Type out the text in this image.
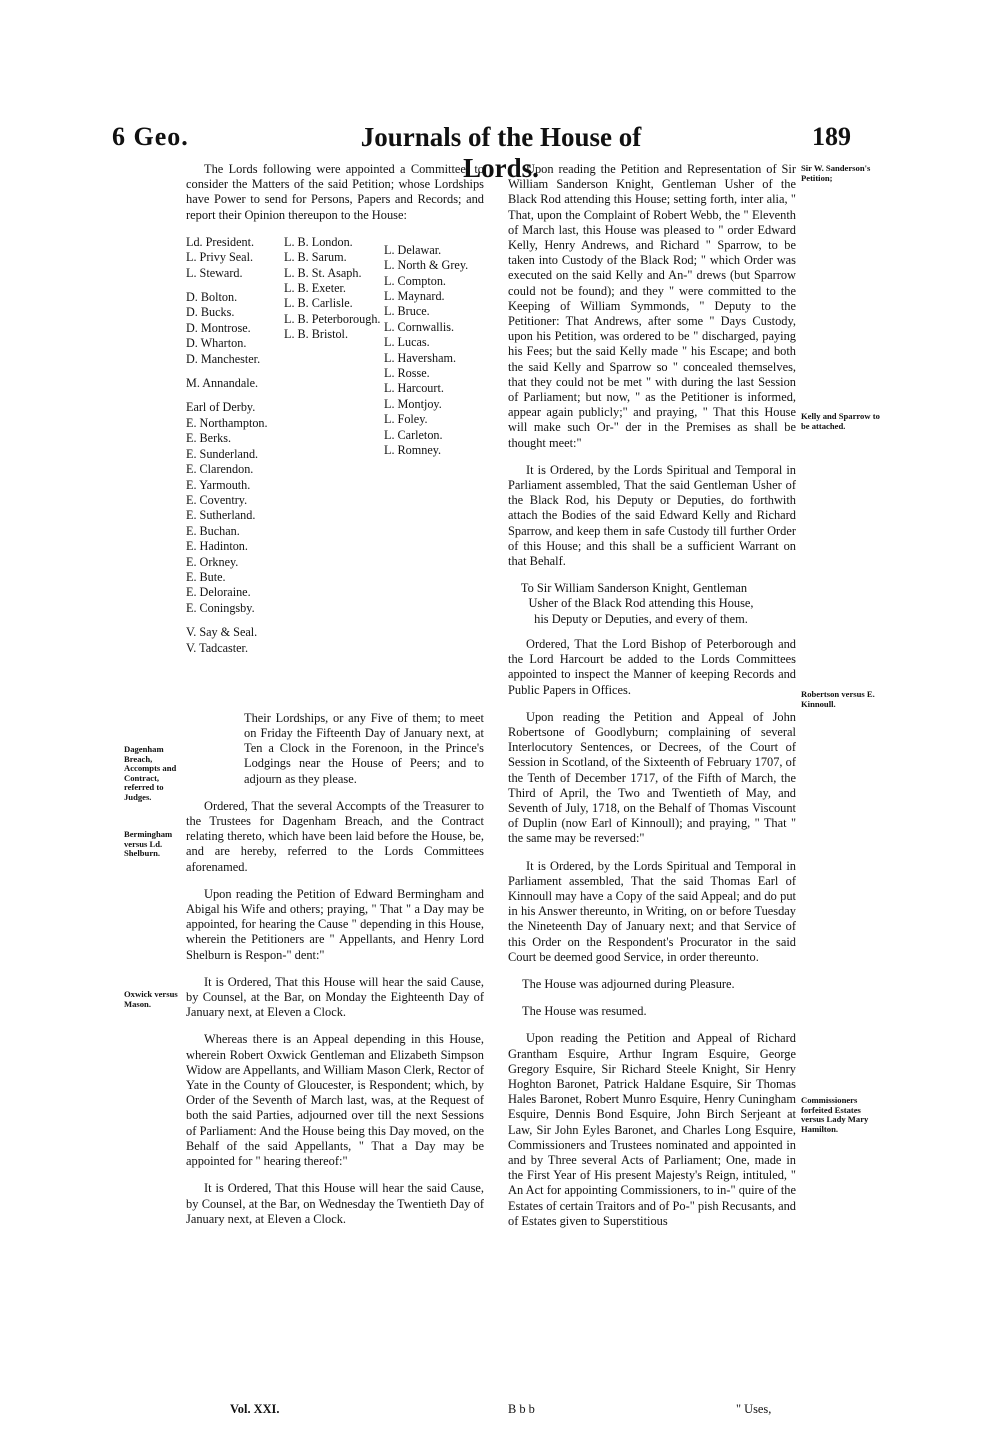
6 Geo.	Journals of the House of Lords.
189

The Lords following were appointed a Committee, to consider the Matters of the said Petition; whose Lordships have Power to send for Persons, Papers and Records; and report their Opinion thereupon to the House:

Ld. President.
L. Privy Seal.
L. Steward.
D. Bolton.
D. Bucks.
D. Montrose.
D. Wharton.
D. Manchester.
M. Annandale.
Earl of Derby.
E. Northampton.
E. Berks.
E. Sunderland.
E. Clarendon.
E. Yarmouth.
E. Coventry.
E. Sutherland.
E. Buchan.
E. Hadinton.
E. Orkney.
E. Bute.
E. Deloraine.
E. Coningsby.
V. Say & Seal.
V. Tadcaster.
L. B. London.
L. B. Sarum.
L. B. St. Asaph.
L. B. Exeter.
L. B. Carlisle.
L. B. Peterborough.
L. B. Bristol.
L. Delawar.
L. North & Grey.
L. Compton.
L. Maynard.
L. Bruce.
L. Cornwallis.
L. Lucas.
L. Haversham.
L. Rosse.
L. Harcourt.
L. Montjoy.
L. Foley.
L. Carleton.
L. Romney.

Their Lordships, or any Five of them; to meet on Friday the Fifteenth Day of January next, at Ten a Clock in the Forenoon, in the Prince's Lodgings near the House of Peers; and to adjourn as they please.

Ordered, That the several Accompts of the Treasurer to the Trustees for Dagenham Breach, and the Contract relating thereto, which have been laid before the House, be, and are hereby, referred to the Lords Committees aforenamed.

Upon reading the Petition of Edward Bermingham and Abigal his Wife and others; praying, " That " a Day may be appointed, for hearing the Cause " depending in this House, wherein the Petitioners are " Appellants, and Henry Lord Shelburn is Respon-" dent:"

It is Ordered, That this House will hear the said Cause, by Counsel, at the Bar, on Monday the Eighteenth Day of January next, at Eleven a Clock.

Whereas there is an Appeal depending in this House, wherein Robert Oxwick Gentleman and Elizabeth Simpson Widow are Appellants, and William Mason Clerk, Rector of Yate in the County of Gloucester, is Respondent; which, by Order of the Seventh of March last, was, at the Request of both the said Parties, adjourned over till the next Sessions of Parliament: And the House being this Day moved, on the Behalf of the said Appellants, " That a Day may be appointed for " hearing thereof:"

It is Ordered, That this House will hear the said Cause, by Counsel, at the Bar, on Wednesday the Twentieth Day of January next, at Eleven a Clock.

Upon reading the Petition and Representation of Sir William Sanderson Knight, Gentleman Usher of the Black Rod attending this House; setting forth, inter alia, " That, upon the Complaint of Robert Webb, the " Eleventh of March last, this House was pleased to " order Edward Kelly, Henry Andrews, and Richard " Sparrow, to be taken into Custody of the Black Rod; " which Order was executed on the said Kelly and An-" drews (but Sparrow could not be found); and they " were committed to the Keeping of William Symmonds, " Deputy to the Petitioner: That Andrews, after some " Days Custody, upon his Petition, was ordered to be " discharged, paying his Fees; but the said Kelly made " his Escape; and both the said Kelly and Sparrow so " concealed themselves, that they could not be met " with during the last Session of Parliament; but now, " as the Petitioner is informed, appear again publicly;" and praying, " That this House will make such Or-" der in the Premises as shall be thought meet:"

It is Ordered, by the Lords Spiritual and Temporal in Parliament assembled, That the said Gentleman Usher of the Black Rod, his Deputy or Deputies, do forthwith attach the Bodies of the said Edward Kelly and Richard Sparrow, and keep them in safe Custody till further Order of this House; and this shall be a sufficient Warrant on that Behalf.

To Sir William Sanderson Knight, Gentleman Usher of the Black Rod attending this House, his Deputy or Deputies, and every of them.

Ordered, That the Lord Bishop of Peterborough and the Lord Harcourt be added to the Lords Committees appointed to inspect the Manner of keeping Records and Public Papers in Offices.

Upon reading the Petition and Appeal of John Robertsone of Goodlyburn; complaining of several Interlocutory Sentences, or Decrees, of the Court of Session in Scotland, of the Sixteenth of February 1707, of the Tenth of December 1717, of the Fifth of March, the Third of April, the Two and Twentieth of May, and Seventh of July, 1718, on the Behalf of Thomas Viscount of Duplin (now Earl of Kinnoull); and praying, " That " the same may be reversed:"

It is Ordered, by the Lords Spiritual and Temporal in Parliament assembled, That the said Thomas Earl of Kinnoull may have a Copy of the said Appeal; and do put in his Answer thereunto, in Writing, on or before Tuesday the Nineteenth Day of January next; and that Service of this Order on the Respondent's Procurator in the said Court be deemed good Service, in order thereunto.

The House was adjourned during Pleasure.

The House was resumed.

Upon reading the Petition and Appeal of Richard Grantham Esquire, Arthur Ingram Esquire, George Gregory Esquire, Sir Richard Steele Knight, Sir Henry Hoghton Baronet, Patrick Haldane Esquire, Sir Thomas Hales Baronet, Robert Munro Esquire, Henry Cuningham Esquire, Dennis Bond Esquire, John Birch Serjeant at Law, Sir John Eyles Baronet, and Charles Long Esquire, Commissioners and Trustees nominated and appointed in and by Three several Acts of Parliament; One, made in the First Year of His present Majesty's Reign, intituled, " An Act for appointing Commissioners, to in-" quire of the Estates of certain Traitors and of Po-" pish Recusants, and of Estates given to Superstitious

Dagenham Breach, Accompts and Contract, referred to Judges.
Bermingham versus Ld. Shelburn.
Oxwick versus Mason.
Sir W. Sanderson's Petition;
Kelly and Sparrow to be attached.
Robertson versus E. Kinnoull.
Commissioners forfeited Estates versus Lady Mary Hamilton.
Vol. XXI.	B b b	" Uses,
